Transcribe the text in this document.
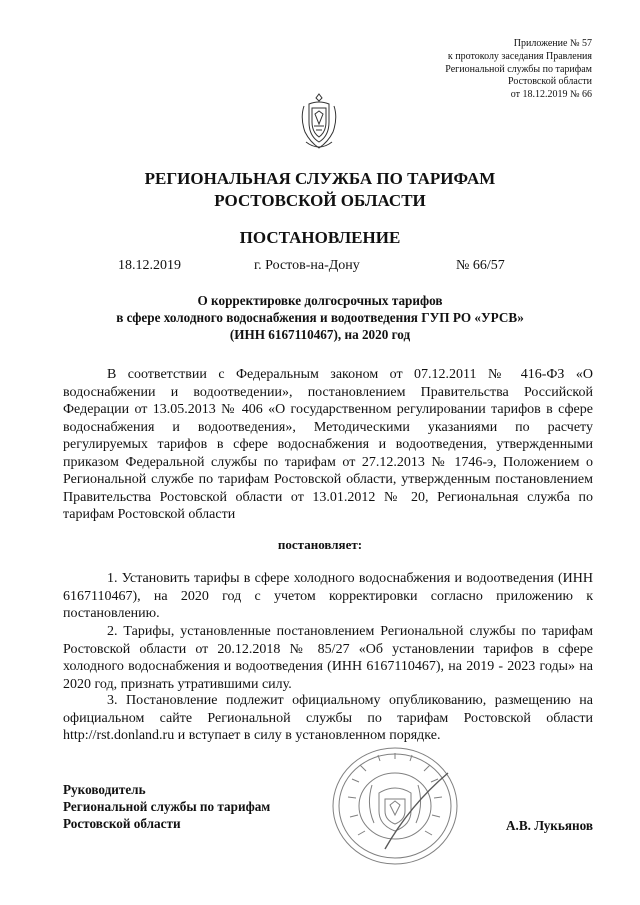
Приложение № 57
к протоколу заседания Правления
Региональной службы по тарифам
Ростовской области
от 18.12.2019 № 66
РЕГИОНАЛЬНАЯ СЛУЖБА ПО ТАРИФАМ
РОСТОВСКОЙ ОБЛАСТИ
ПОСТАНОВЛЕНИЕ
18.12.2019	г. Ростов-на-Дону	№ 66/57
О корректировке долгосрочных тарифов
в сфере холодного водоснабжения и водоотведения ГУП РО «УРСВ»
(ИНН 6167110467), на 2020 год
В соответствии с Федеральным законом от 07.12.2011 № 416-ФЗ «О водоснабжении и водоотведении», постановлением Правительства Российской Федерации от 13.05.2013 № 406 «О государственном регулировании тарифов в сфере водоснабжения и водоотведения», Методическими указаниями по расчету регулируемых тарифов в сфере водоснабжения и водоотведения, утвержденными приказом Федеральной службы по тарифам от 27.12.2013 № 1746-э, Положением о Региональной службе по тарифам Ростовской области, утвержденным постановлением Правительства Ростовской области от 13.01.2012 № 20, Региональная служба по тарифам Ростовской области
постановляет:
1. Установить тарифы в сфере холодного водоснабжения и водоотведения (ИНН 6167110467), на 2020 год с учетом корректировки согласно приложению к постановлению.
2. Тарифы, установленные постановлением Региональной службы по тарифам Ростовской области от 20.12.2018 № 85/27 «Об установлении тарифов в сфере холодного водоснабжения и водоотведения (ИНН 6167110467), на 2019 - 2023 годы» на 2020 год, признать утратившими силу.
3. Постановление подлежит официальному опубликованию, размещению на официальном сайте Региональной службы по тарифам Ростовской области http://rst.donland.ru и вступает в силу в установленном порядке.
Руководитель
Региональной службы по тарифам
Ростовской области	А.В. Лукьянов
